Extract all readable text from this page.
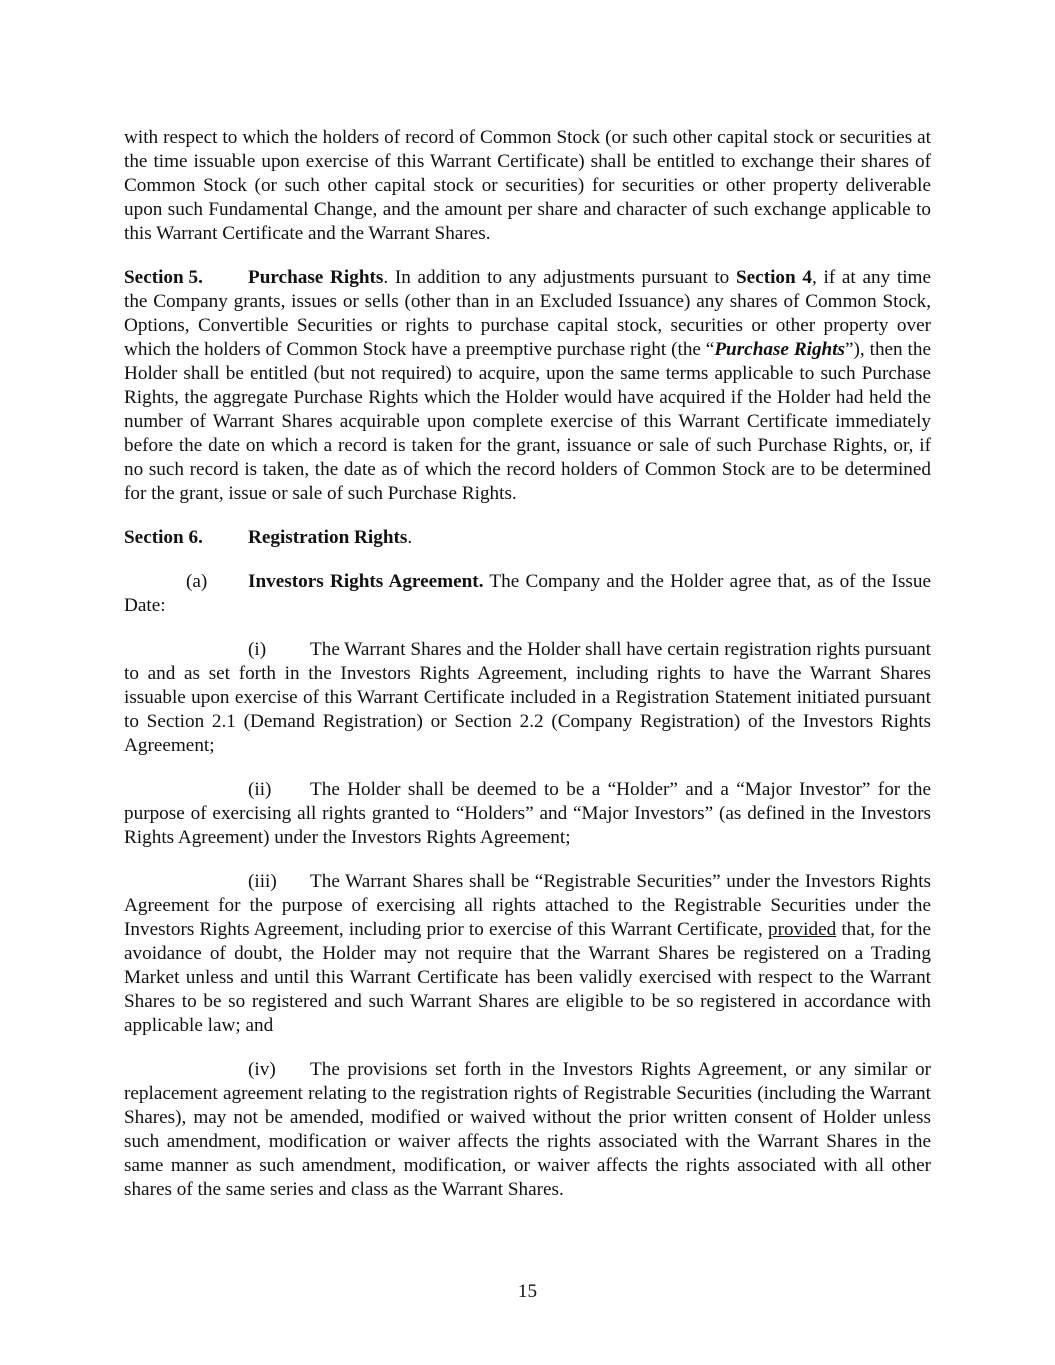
with respect to which the holders of record of Common Stock (or such other capital stock or securities at the time issuable upon exercise of this Warrant Certificate) shall be entitled to exchange their shares of Common Stock (or such other capital stock or securities) for securities or other property deliverable upon such Fundamental Change, and the amount per share and character of such exchange applicable to this Warrant Certificate and the Warrant Shares.

Section 5. Purchase Rights. In addition to any adjustments pursuant to Section 4, if at any time the Company grants, issues or sells (other than in an Excluded Issuance) any shares of Common Stock, Options, Convertible Securities or rights to purchase capital stock, securities or other property over which the holders of Common Stock have a preemptive purchase right (the “Purchase Rights”), then the Holder shall be entitled (but not required) to acquire, upon the same terms applicable to such Purchase Rights, the aggregate Purchase Rights which the Holder would have acquired if the Holder had held the number of Warrant Shares acquirable upon complete exercise of this Warrant Certificate immediately before the date on which a record is taken for the grant, issuance or sale of such Purchase Rights, or, if no such record is taken, the date as of which the record holders of Common Stock are to be determined for the grant, issue or sale of such Purchase Rights.

Section 6. Registration Rights.

(a) Investors Rights Agreement. The Company and the Holder agree that, as of the Issue Date:

(i) The Warrant Shares and the Holder shall have certain registration rights pursuant to and as set forth in the Investors Rights Agreement, including rights to have the Warrant Shares issuable upon exercise of this Warrant Certificate included in a Registration Statement initiated pursuant to Section 2.1 (Demand Registration) or Section 2.2 (Company Registration) of the Investors Rights Agreement;

(ii) The Holder shall be deemed to be a “Holder” and a “Major Investor” for the purpose of exercising all rights granted to “Holders” and “Major Investors” (as defined in the Investors Rights Agreement) under the Investors Rights Agreement;

(iii) The Warrant Shares shall be “Registrable Securities” under the Investors Rights Agreement for the purpose of exercising all rights attached to the Registrable Securities under the Investors Rights Agreement, including prior to exercise of this Warrant Certificate, provided that, for the avoidance of doubt, the Holder may not require that the Warrant Shares be registered on a Trading Market unless and until this Warrant Certificate has been validly exercised with respect to the Warrant Shares to be so registered and such Warrant Shares are eligible to be so registered in accordance with applicable law; and

(iv) The provisions set forth in the Investors Rights Agreement, or any similar or replacement agreement relating to the registration rights of Registrable Securities (including the Warrant Shares), may not be amended, modified or waived without the prior written consent of Holder unless such amendment, modification or waiver affects the rights associated with the Warrant Shares in the same manner as such amendment, modification, or waiver affects the rights associated with all other shares of the same series and class as the Warrant Shares.

15
